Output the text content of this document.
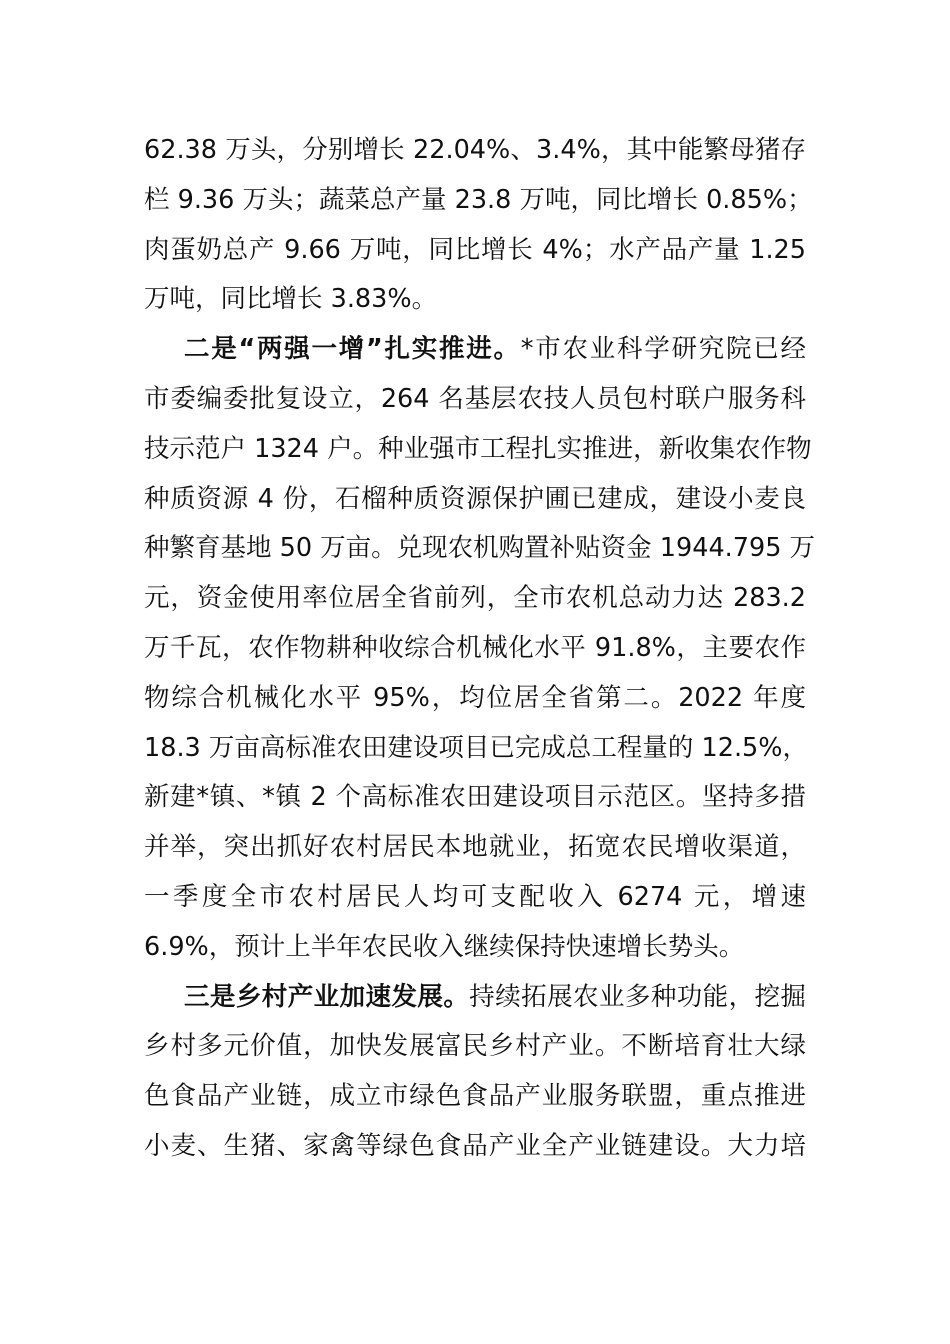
62.38 万头，分别增长 22.04%、3.4%，其中能繁母猪存
栏 9.36 万头；蔬菜总产量 23.8 万吨，同比增长 0.85%；
肉蛋奶总产 9.66 万吨，同比增长 4%；水产品产量 1.25
万吨，同比增长 3.83%。
二是“两强一增”扎实推进。*市农业科学研究院已经
市委编委批复设立，264 名基层农技人员包村联户服务科
技示范户 1324 户。种业强市工程扎实推进，新收集农作物
种质资源 4 份，石榴种质资源保护圃已建成，建设小麦良
种繁育基地 50 万亩。兑现农机购置补贴资金 1944.795 万
元，资金使用率位居全省前列，全市农机总动力达 283.2
万千瓦，农作物耕种收综合机械化水平 91.8%，主要农作
物综合机械化水平 95%，均位居全省第二。2022 年度
18.3 万亩高标准农田建设项目已完成总工程量的 12.5%，
新建*镇、*镇 2 个高标准农田建设项目示范区。坚持多措
并举，突出抓好农村居民本地就业，拓宽农民增收渠道，
一季度全市农村居民人均可支配收入 6274 元，增速
6.9%，预计上半年农民收入继续保持快速增长势头。
三是乡村产业加速发展。持续拓展农业多种功能，挖掘
乡村多元价值，加快发展富民乡村产业。不断培育壮大绿
色食品产业链，成立市绿色食品产业服务联盟，重点推进
小麦、生猪、家禽等绿色食品产业全产业链建设。大力培
